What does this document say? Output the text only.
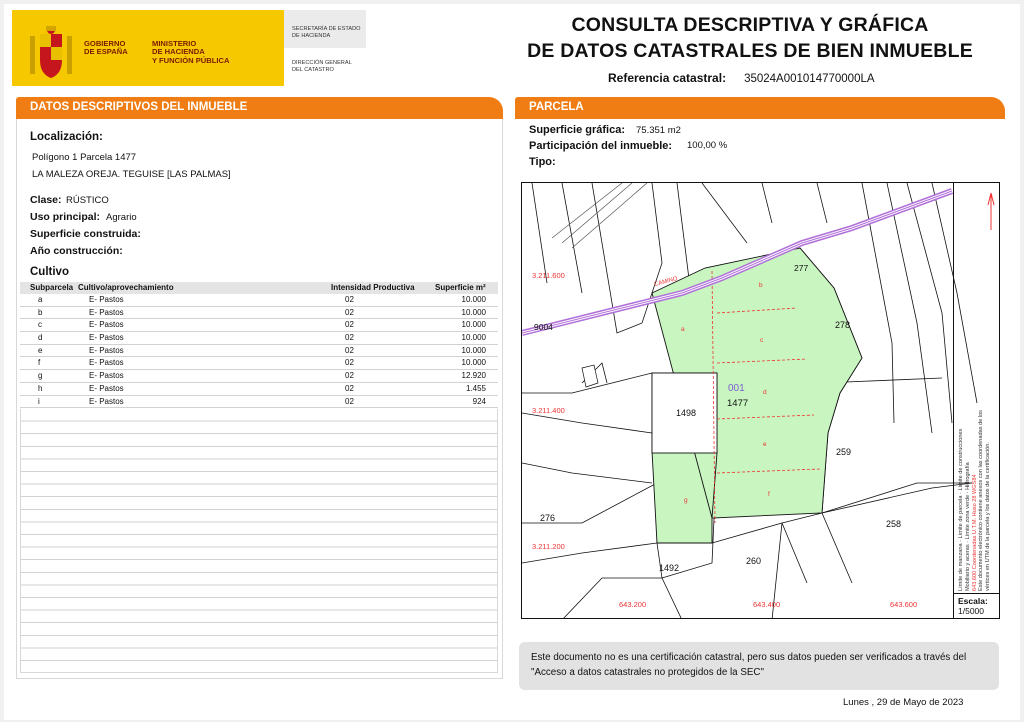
GOBIERNO
DE ESPAÑA
MINISTERIO
DE HACIENDA
Y FUNCIÓN PÚBLICA
SECRETARÍA DE ESTADO
DE HACIENDA
DIRECCIÓN GENERAL
DEL CATASTRO
CONSULTA DESCRIPTIVA Y GRÁFICA
DE DATOS CATASTRALES DE BIEN INMUEBLE
Referencia catastral: 35024A001014770000LA
DATOS DESCRIPTIVOS DEL INMUEBLE
Localización:
Polígono 1 Parcela 1477
LA MALEZA OREJA. TEGUISE [LAS PALMAS]
Clase: RÚSTICO
Uso principal: Agrario
Superficie construida:
Año construcción:
Cultivo
Subparcela Cultivo/aprovechamiento	Intensidad Productiva	Superficie m²
a	E- Pastos	02	10.000
b	E- Pastos	02	10.000
c	E- Pastos	02	10.000
d	E- Pastos	02	10.000
e	E- Pastos	02	10.000
f	E- Pastos	02	10.000
g	E- Pastos	02	12.920
h	E- Pastos	02	1.455
i	E- Pastos	02	924
PARCELA
Superficie gráfica: 75.351 m2
Participación del inmueble: 100,00 %
Tipo:
277
278
1498
259
258
260
1492
276
9004
001
1477
CAMINO
a
b
c
d
e
f
g
3.211.600
3.211.400
3.211.200
643.200	643.400	643.600
Límite de manzana · Límite de parcela · Límite de construcciones
Mobiliario y aceras · Límite zona verde · Hidrografía 643.600 Coordenadas U.T.M. Huso 28 WGS84 Este documento electrónico contiene anexos con las coordenadas de los vértices en UTM de la parcela y los datos de la certificación.
Escala:
1/5000
Este documento no es una certificación catastral, pero sus datos pueden ser verificados a través del "Acceso a datos catastrales no protegidos de la SEC"
Lunes , 29 de Mayo de 2023
